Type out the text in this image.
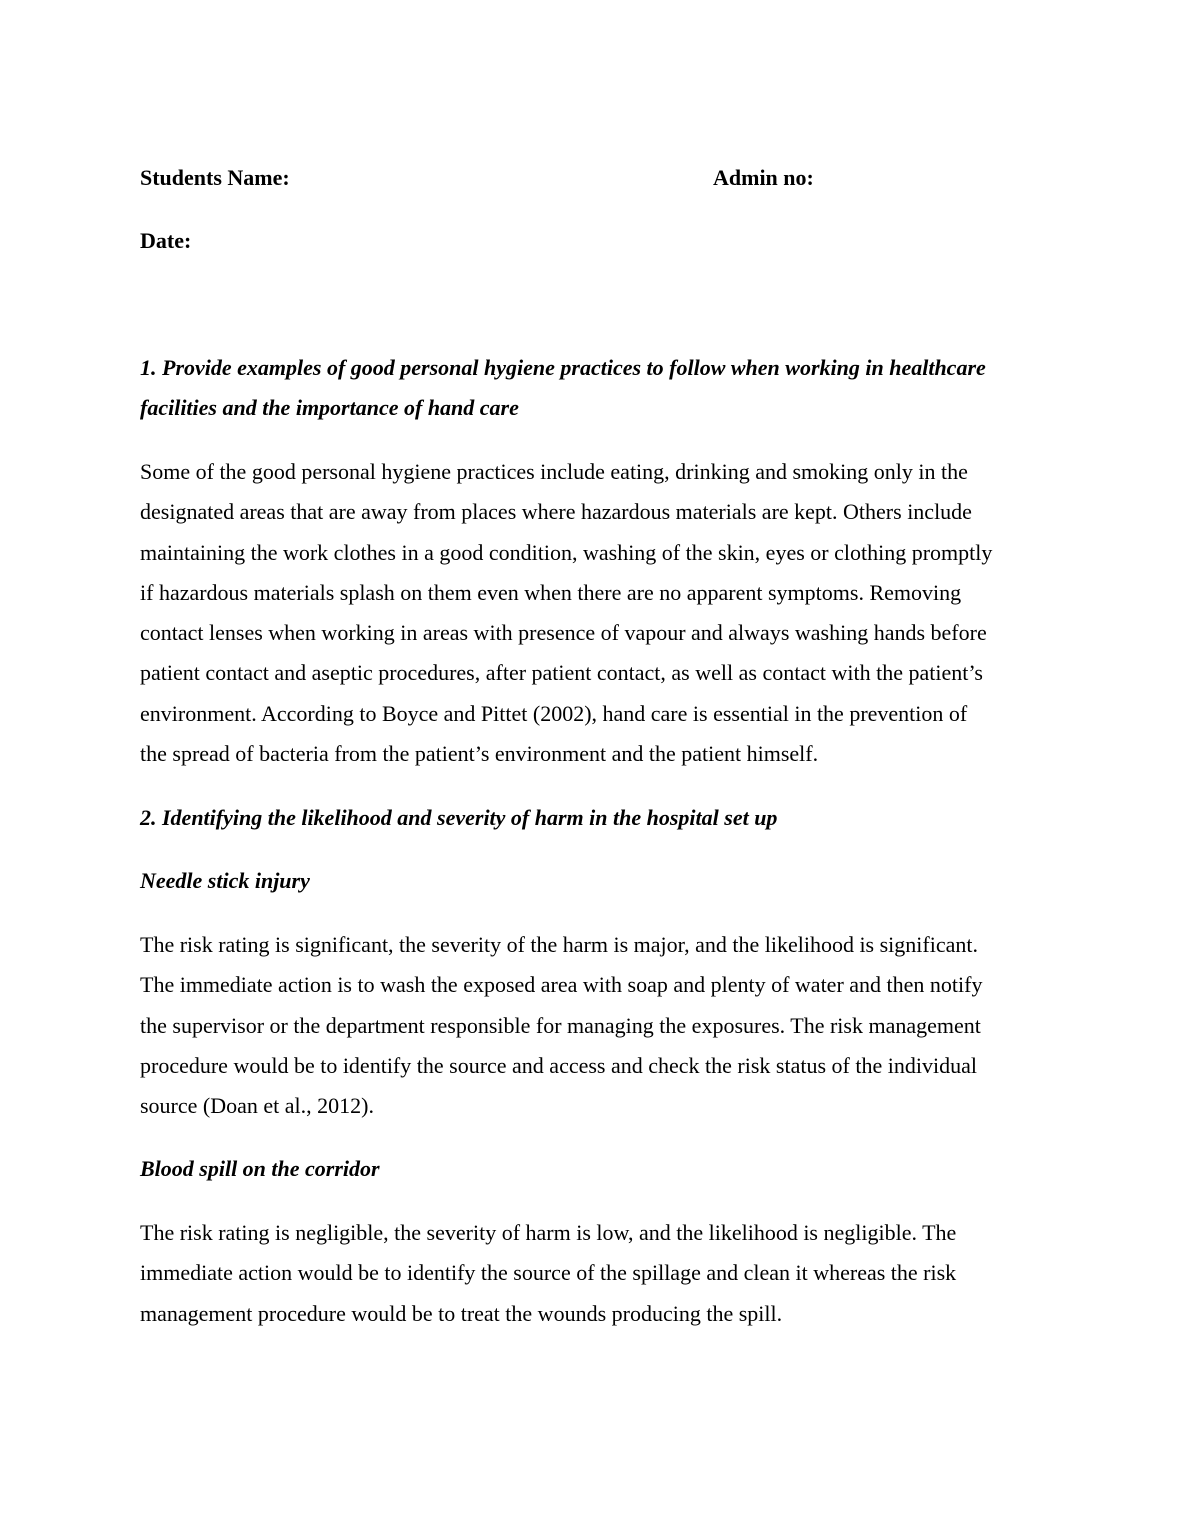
Students Name:	Admin no:

Date:

1. Provide examples of good personal hygiene practices to follow when working in healthcare
facilities and the importance of hand care
Some of the good personal hygiene practices include eating, drinking and smoking only in the
designated areas that are away from places where hazardous materials are kept. Others include
maintaining the work clothes in a good condition, washing of the skin, eyes or clothing promptly
if hazardous materials splash on them even when there are no apparent symptoms. Removing
contact lenses when working in areas with presence of vapour and always washing hands before
patient contact and aseptic procedures, after patient contact, as well as contact with the patient’s
environment. According to Boyce and Pittet (2002), hand care is essential in the prevention of
the spread of bacteria from the patient’s environment and the patient himself.

2. Identifying the likelihood and severity of harm in the hospital set up

Needle stick injury

The risk rating is significant, the severity of the harm is major, and the likelihood is significant.
The immediate action is to wash the exposed area with soap and plenty of water and then notify
the supervisor or the department responsible for managing the exposures. The risk management
procedure would be to identify the source and access and check the risk status of the individual
source (Doan et al., 2012).

Blood spill on the corridor

The risk rating is negligible, the severity of harm is low, and the likelihood is negligible. The
immediate action would be to identify the source of the spillage and clean it whereas the risk
management procedure would be to treat the wounds producing the spill.
